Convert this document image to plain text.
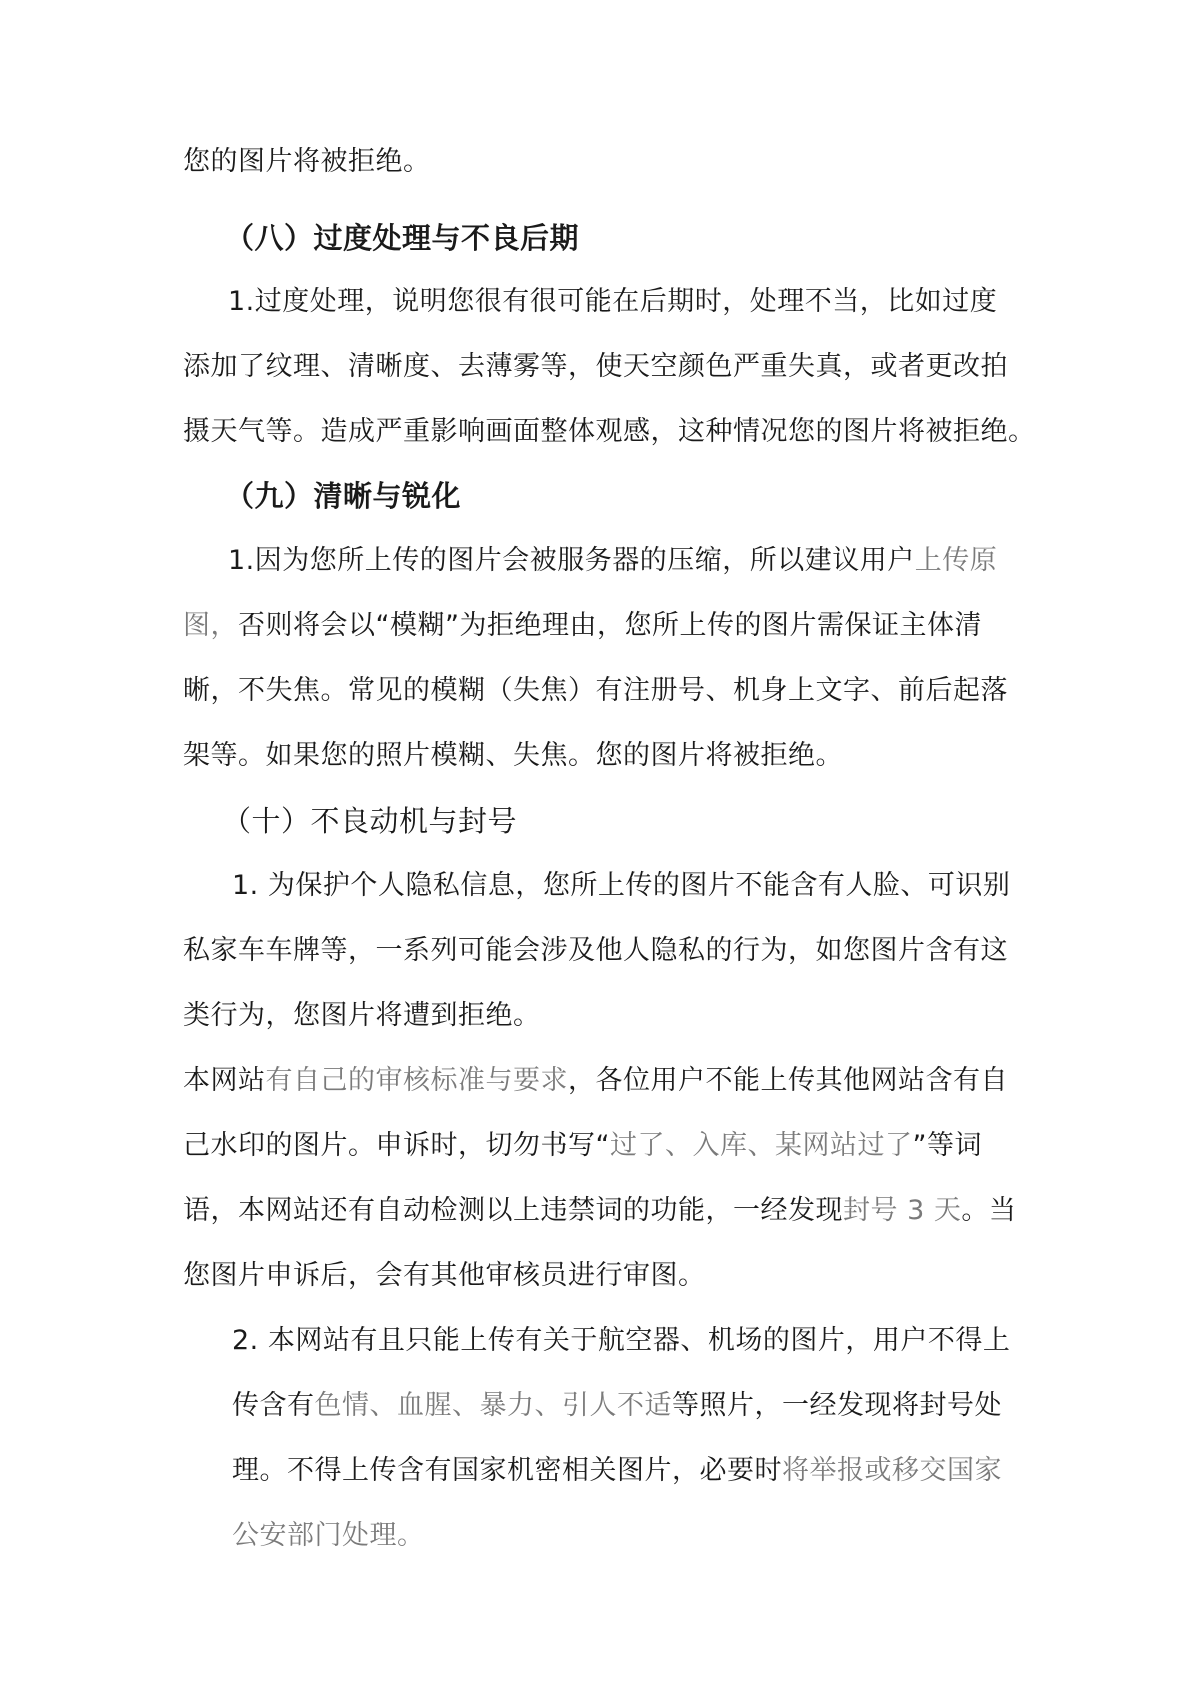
您的图片将被拒绝。
（八）过度处理与不良后期
1.过度处理，说明您很有很可能在后期时，处理不当，比如过度
添加了纹理、清晰度、去薄雾等，使天空颜色严重失真，或者更改拍
摄天气等。造成严重影响画面整体观感，这种情况您的图片将被拒绝。
（九）清晰与锐化
1.因为您所上传的图片会被服务器的压缩，所以建议用户上传原
图，否则将会以“模糊”为拒绝理由，您所上传的图片需保证主体清
晰，不失焦。常见的模糊（失焦）有注册号、机身上文字、前后起落
架等。如果您的照片模糊、失焦。您的图片将被拒绝。
（十）不良动机与封号
1. 为保护个人隐私信息，您所上传的图片不能含有人脸、可识别
私家车车牌等，一系列可能会涉及他人隐私的行为，如您图片含有这
类行为，您图片将遭到拒绝。
本网站有自己的审核标准与要求，各位用户不能上传其他网站含有自
己水印的图片。申诉时，切勿书写“过了、入库、某网站过了”等词
语，本网站还有自动检测以上违禁词的功能，一经发现封号 3 天。当
您图片申诉后，会有其他审核员进行审图。
2. 本网站有且只能上传有关于航空器、机场的图片，用户不得上
传含有色情、血腥、暴力、引人不适等照片，一经发现将封号处
理。不得上传含有国家机密相关图片，必要时将举报或移交国家
公安部门处理。
